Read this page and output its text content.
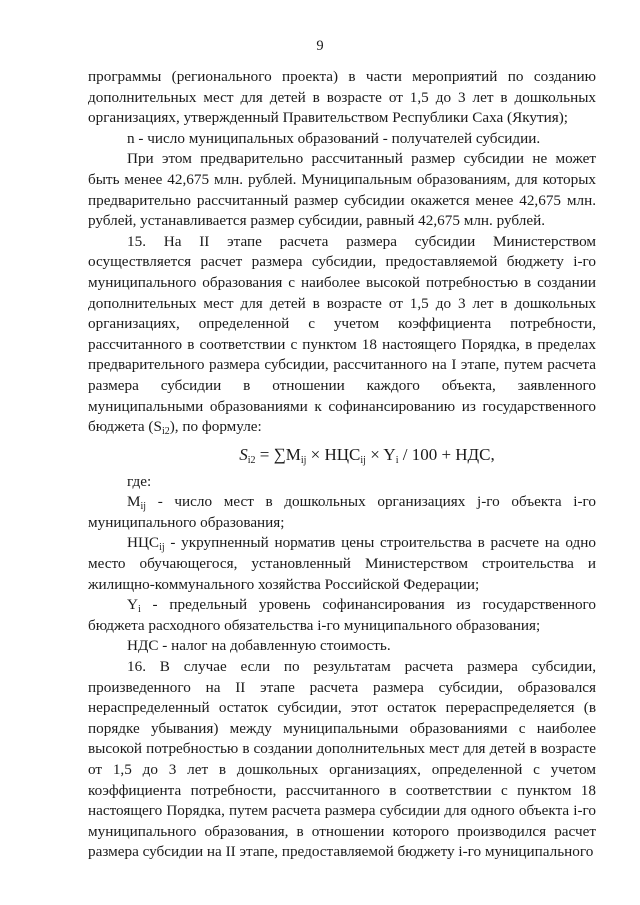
9

программы (регионального проекта) в части мероприятий по созданию дополнительных мест для детей в возрасте от 1,5 до 3 лет в дошкольных организациях, утвержденный Правительством Республики Саха (Якутия);

n - число муниципальных образований - получателей субсидии.

При этом предварительно рассчитанный размер субсидии не может быть менее 42,675 млн. рублей. Муниципальным образованиям, для которых предварительно рассчитанный размер субсидии окажется менее 42,675 млн. рублей, устанавливается размер субсидии, равный 42,675 млн. рублей.

15. На II этапе расчета размера субсидии Министерством осуществляется расчет размера субсидии, предоставляемой бюджету i-го муниципального образования с наиболее высокой потребностью в создании дополнительных мест для детей в возрасте от 1,5 до 3 лет в дошкольных организациях, определенной с учетом коэффициента потребности, рассчитанного в соответствии с пунктом 18 настоящего Порядка, в пределах предварительного размера субсидии, рассчитанного на I этапе, путем расчета размера субсидии в отношении каждого объекта, заявленного муниципальными образованиями к софинансированию из государственного бюджета $(S_{i2})$, по формуле:

$S_{i2} = \sum M_{ij} \times НЦС_{ij} \times Y_i / 100$ + НДС,

где:

$M_{ij}$ - число мест в дошкольных организациях j-го объекта i-го муниципального образования;

$НЦС_{ij}$ - укрупненный норматив цены строительства в расчете на одно место обучающегося, установленный Министерством строительства и жилищно-коммунального хозяйства Российской Федерации;

$Y_i$ - предельный уровень софинансирования из государственного бюджета расходного обязательства i-го муниципального образования;

НДС - налог на добавленную стоимость.

16. В случае если по результатам расчета размера субсидии, произведенного на II этапе расчета размера субсидии, образовался нераспределенный остаток субсидии, этот остаток перераспределяется (в порядке убывания) между муниципальными образованиями с наиболее высокой потребностью в создании дополнительных мест для детей в возрасте от 1,5 до 3 лет в дошкольных организациях, определенной с учетом коэффициента потребности, рассчитанного в соответствии с пунктом 18 настоящего Порядка, путем расчета размера субсидии для одного объекта i-го муниципального образования, в отношении которого производился расчет размера субсидии на II этапе, предоставляемой бюджету i-го муниципального
